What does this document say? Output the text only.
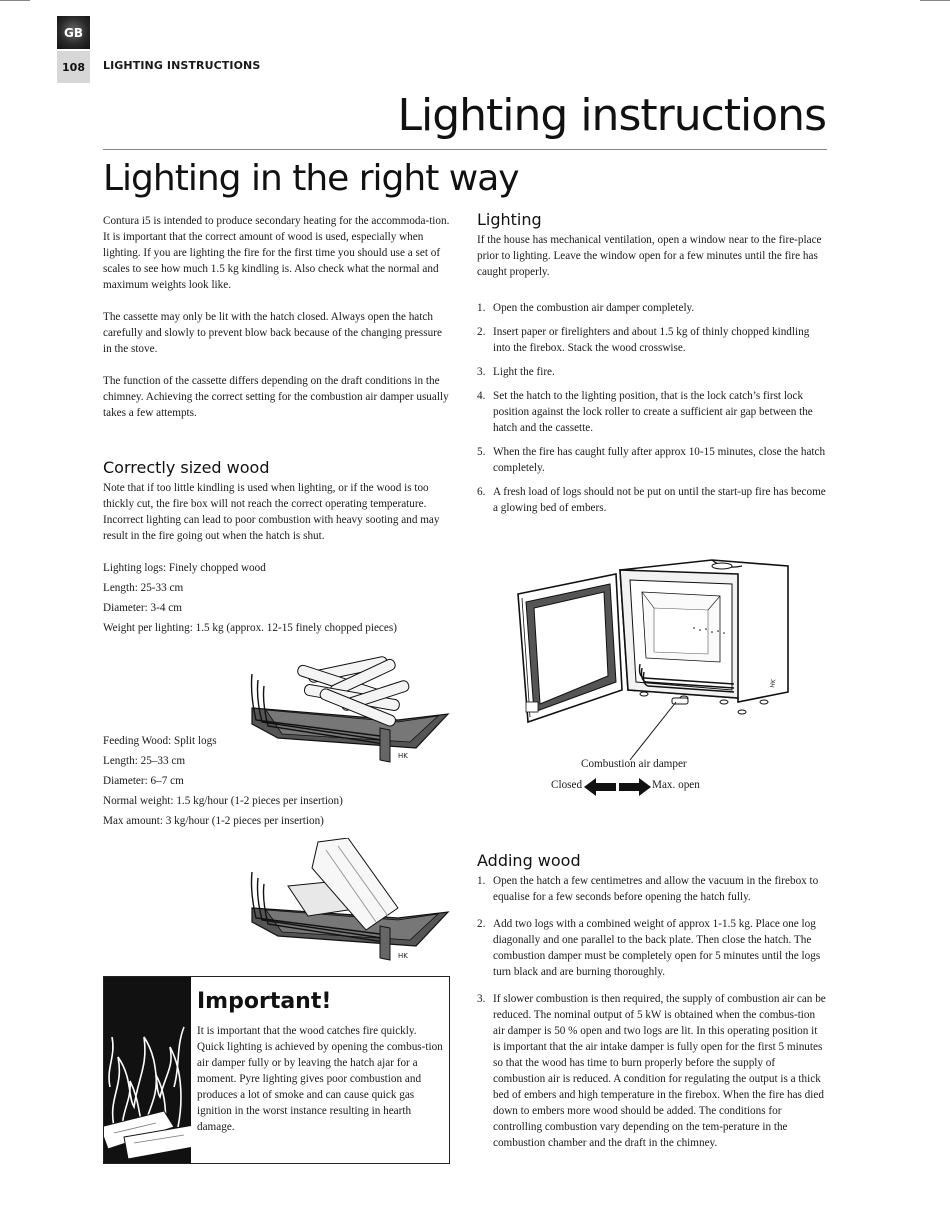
GB
108 LIGHTING INSTRUCTIONS
Lighting instructions
Lighting in the right way

Contura i5 is intended to produce secondary heating for the accommoda-tion. It is important that the correct amount of wood is used, especially when lighting. If you are lighting the fire for the first time you should use a set of scales to see how much 1.5 kg kindling is. Also check what the normal and maximum weights look like.

The cassette may only be lit with the hatch closed. Always open the hatch carefully and slowly to prevent blow back because of the changing pressure in the stove.

The function of the cassette differs depending on the draft conditions in the chimney. Achieving the correct setting for the combustion air damper usually takes a few attempts.

Correctly sized wood

Note that if too little kindling is used when lighting, or if the wood is too thickly cut, the fire box will not reach the correct operating temperature. Incorrect lighting can lead to poor combustion with heavy sooting and may result in the fire going out when the hatch is shut.

Lighting logs: Finely chopped wood

Length: 25-33 cm

Diameter: 3-4 cm

Weight per lighting: 1.5 kg (approx. 12-15 finely chopped pieces)

HK

Feeding Wood: Split logs

Length: 25–33 cm

Diameter: 6–7 cm

Normal weight: 1.5 kg/hour (1-2 pieces per insertion)

Max amount: 3 kg/hour (1-2 pieces per insertion)

HK
Important!
It is important that the wood catches fire quickly. Quick lighting is achieved by opening the combus-tion air damper fully or by leaving the hatch ajar for a moment. Pyre lighting gives poor combustion and produces a lot of smoke and can cause quick gas ignition in the worst instance resulting in hearth damage.
Lighting

If the house has mechanical ventilation, open a window near to the fire-place prior to lighting. Leave the window open for a few minutes until the fire has caught properly.

1. Open the combustion air damper completely.
2. Insert paper or firelighters and about 1.5 kg of thinly chopped kindling into the firebox. Stack the wood crosswise.
3. Light the fire.
4. Set the hatch to the lighting position, that is the lock catch’s first lock position against the lock roller to create a sufficient air gap between the hatch and the cassette.
5. When the fire has caught fully after approx 10-15 minutes, close the hatch completely.
6. A fresh load of logs should not be put on until the start-up fire has become a glowing bed of embers.
HK
Combustion air damper
Closed	Max. open
Adding wood
1. Open the hatch a few centimetres and allow the vacuum in the firebox to equalise for a few seconds before opening the hatch fully.
2. Add two logs with a combined weight of approx 1-1.5 kg. Place one log diagonally and one parallel to the back plate. Then close the hatch. The combustion damper must be completely open for 5 minutes until the logs turn black and are burning thoroughly.
3. If slower combustion is then required, the supply of combustion air can be reduced. The nominal output of 5 kW is obtained when the combus-tion air damper is 50 % open and two logs are lit. In this operating position it is important that the air intake damper is fully open for the first 5 minutes so that the wood has time to burn properly before the supply of combustion air is reduced. A condition for regulating the output is a thick bed of embers and high temperature in the firebox. When the fire has died down to embers more wood should be added. The conditions for controlling combustion vary depending on the tem-perature in the combustion chamber and the draft in the chimney.
